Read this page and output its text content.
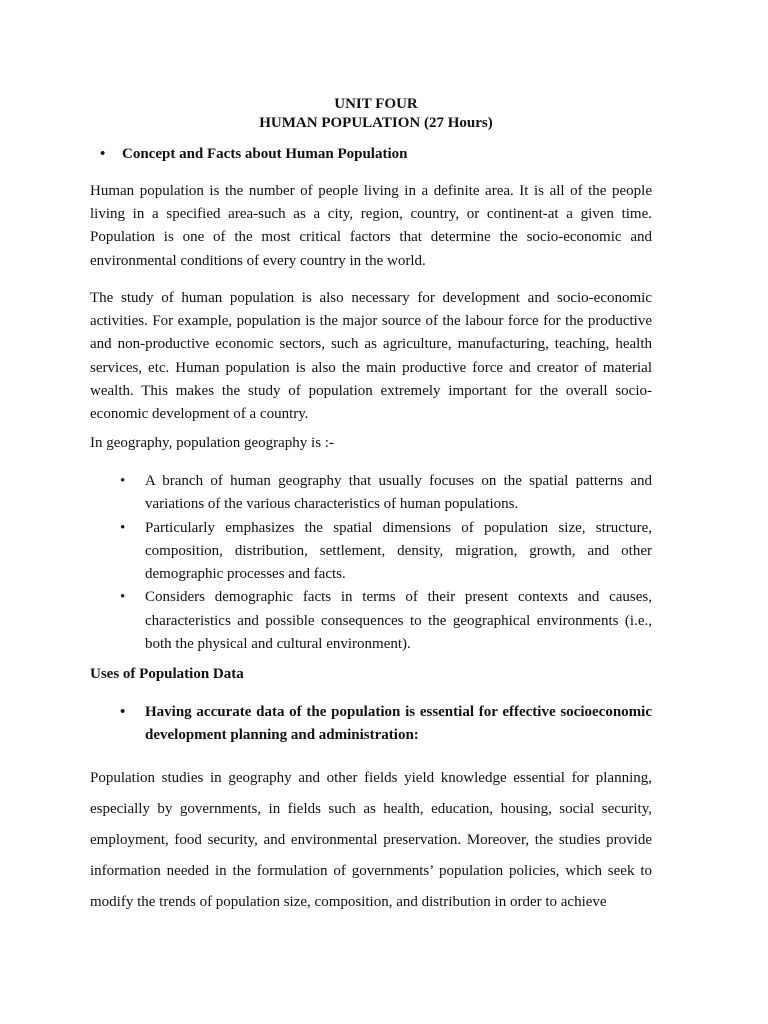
UNIT FOUR
HUMAN POPULATION (27 Hours)
• Concept and Facts about Human Population

Human population is the number of people living in a definite area. It is all of the people living in a specified area-such as a city, region, country, or continent-at a given time. Population is one of the most critical factors that determine the socio-economic and environmental conditions of every country in the world.

The study of human population is also necessary for development and socio-economic activities. For example, population is the major source of the labour force for the productive and non-productive economic sectors, such as agriculture, manufacturing, teaching, health services, etc. Human population is also the main productive force and creator of material wealth. This makes the study of population extremely important for the overall socio-economic development of a country.

In geography, population geography is :-

• A branch of human geography that usually focuses on the spatial patterns and variations of the various characteristics of human populations.
• Particularly emphasizes the spatial dimensions of population size, structure, composition, distribution, settlement, density, migration, growth, and other demographic processes and facts.
• Considers demographic facts in terms of their present contexts and causes, characteristics and possible consequences to the geographical environments (i.e., both the physical and cultural environment).

Uses of Population Data

• Having accurate data of the population is essential for effective socioeconomic development planning and administration:

Population studies in geography and other fields yield knowledge essential for planning, especially by governments, in fields such as health, education, housing, social security, employment, food security, and environmental preservation. Moreover, the studies provide information needed in the formulation of governments’ population policies, which seek to modify the trends of population size, composition, and distribution in order to achieve
